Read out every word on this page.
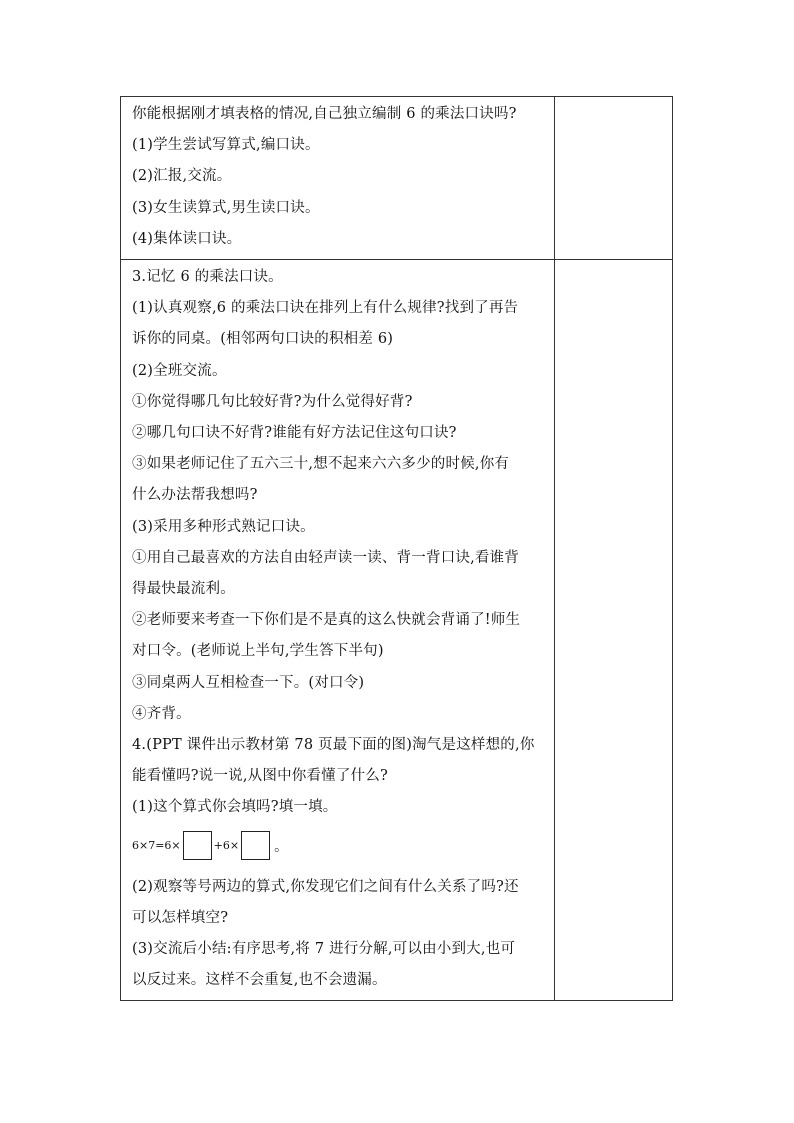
你能根据刚才填表格的情况,自己独立编制 6 的乘法口诀吗?
(1)学生尝试写算式,编口诀。
(2)汇报,交流。
(3)女生读算式,男生读口诀。
(4)集体读口诀。
3.记忆 6 的乘法口诀。
(1)认真观察,6 的乘法口诀在排列上有什么规律?找到了再告
诉你的同桌。(相邻两句口诀的积相差 6)
(2)全班交流。
①你觉得哪几句比较好背?为什么觉得好背?
②哪几句口诀不好背?谁能有好方法记住这句口诀?
③如果老师记住了五六三十,想不起来六六多少的时候,你有
什么办法帮我想吗?
(3)采用多种形式熟记口诀。
①用自己最喜欢的方法自由轻声读一读、背一背口诀,看谁背
得最快最流利。
②老师要来考查一下你们是不是真的这么快就会背诵了!师生
对口令。(老师说上半句,学生答下半句)
③同桌两人互相检查一下。(对口令)
④齐背。
4.(PPT 课件出示教材第 78 页最下面的图)淘气是这样想的,你
能看懂吗?说一说,从图中你看懂了什么?
(1)这个算式你会填吗?填一填。
6×7=6×	+6×	。
(2)观察等号两边的算式,你发现它们之间有什么关系了吗?还
可以怎样填空?
(3)交流后小结:有序思考,将 7 进行分解,可以由小到大,也可
以反过来。这样不会重复,也不会遗漏。
